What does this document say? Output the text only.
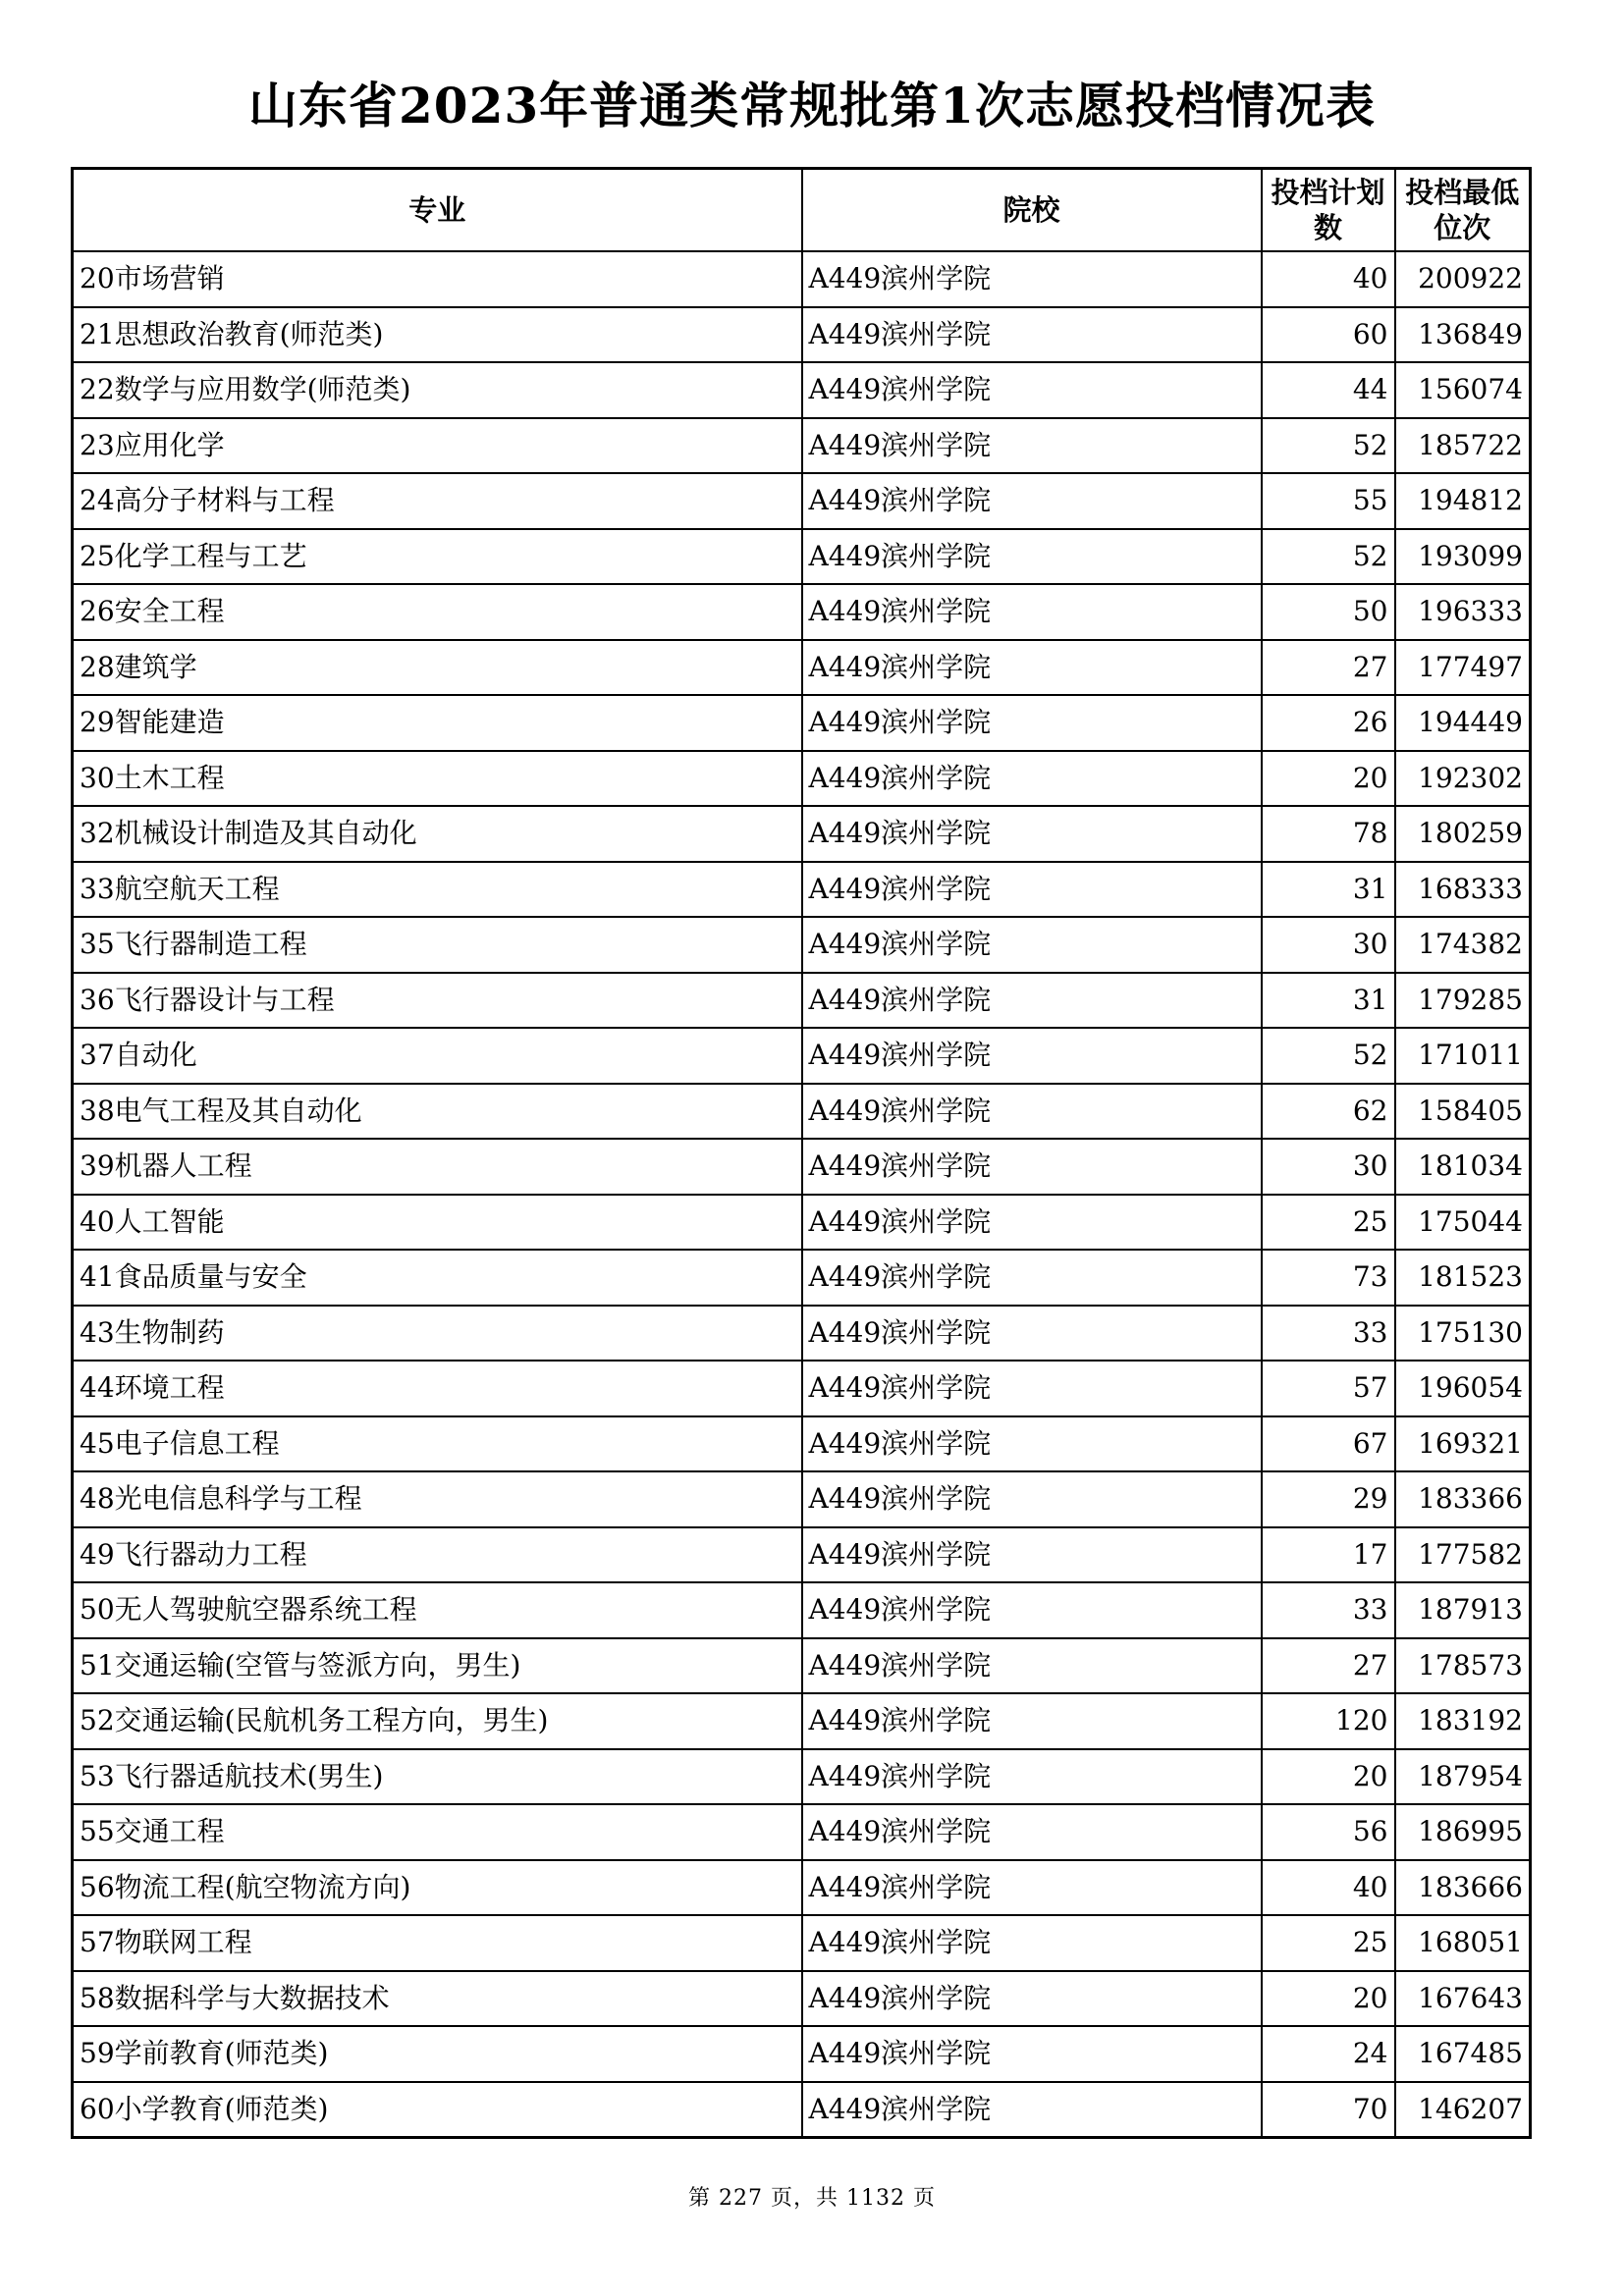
山东省2023年普通类常规批第1次志愿投档情况表
专业	院校	投档计划数	投档最低位次
20市场营销	A449滨州学院	40	200922
21思想政治教育(师范类)	A449滨州学院	60	136849
22数学与应用数学(师范类)	A449滨州学院	44	156074
23应用化学	A449滨州学院	52	185722
24高分子材料与工程	A449滨州学院	55	194812
25化学工程与工艺	A449滨州学院	52	193099
26安全工程	A449滨州学院	50	196333
28建筑学	A449滨州学院	27	177497
29智能建造	A449滨州学院	26	194449
30土木工程	A449滨州学院	20	192302
32机械设计制造及其自动化	A449滨州学院	78	180259
33航空航天工程	A449滨州学院	31	168333
35飞行器制造工程	A449滨州学院	30	174382
36飞行器设计与工程	A449滨州学院	31	179285
37自动化	A449滨州学院	52	171011
38电气工程及其自动化	A449滨州学院	62	158405
39机器人工程	A449滨州学院	30	181034
40人工智能	A449滨州学院	25	175044
41食品质量与安全	A449滨州学院	73	181523
43生物制药	A449滨州学院	33	175130
44环境工程	A449滨州学院	57	196054
45电子信息工程	A449滨州学院	67	169321
48光电信息科学与工程	A449滨州学院	29	183366
49飞行器动力工程	A449滨州学院	17	177582
50无人驾驶航空器系统工程	A449滨州学院	33	187913
51交通运输(空管与签派方向，男生)	A449滨州学院	27	178573
52交通运输(民航机务工程方向，男生)	A449滨州学院	120	183192
53飞行器适航技术(男生)	A449滨州学院	20	187954
55交通工程	A449滨州学院	56	186995
56物流工程(航空物流方向)	A449滨州学院	40	183666
57物联网工程	A449滨州学院	25	168051
58数据科学与大数据技术	A449滨州学院	20	167643
59学前教育(师范类)	A449滨州学院	24	167485
60小学教育(师范类)	A449滨州学院	70	146207
第 227 页，共 1132 页
